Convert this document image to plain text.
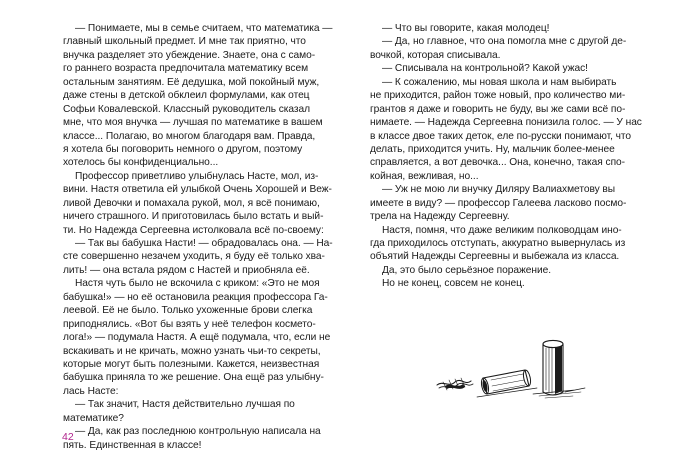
— Понимаете, мы в семье считаем, что математика —
главный школьный предмет. И мне так приятно, что
внучка разделяет это убеждение. Знаете, она с само-
го раннего возраста предпочитала математику всем
остальным занятиям. Её дедушка, мой покойный муж,
даже стены в детской обклеил формулами, как отец
Софьи Ковалевской. Классный руководитель сказал
мне, что моя внучка — лучшая по математике в вашем
классе... Полагаю, во многом благодаря вам. Правда,
я хотела бы поговорить немного о другом, поэтому
хотелось бы конфиденциально...
Профессор приветливо улыбнулась Насте, мол, из-
вини. Настя ответила ей улыбкой Очень Хорошей и Веж-
ливой Девочки и помахала рукой, мол, я всё понимаю,
ничего страшного. И приготовилась было встать и вый-
ти. Но Надежда Сергеевна истолковала всё по-своему:
— Так вы бабушка Насти! — обрадовалась она. — На-
сте совершенно незачем уходить, я буду её только хва-
лить! — она встала рядом с Настей и приобняла её.
Настя чуть было не вскочила с криком: «Это не моя
бабушка!» — но её остановила реакция профессора Га-
леевой. Её не было. Только ухоженные брови слегка
приподнялись. «Вот бы взять у неё телефон космето-
лога!» — подумала Настя. А ещё подумала, что, если не
вскакивать и не кричать, можно узнать чьи-то секреты,
которые могут быть полезными. Кажется, неизвестная
бабушка приняла то же решение. Она ещё раз улыбну-
лась Насте:
— Так значит, Настя действительно лучшая по
математике?
— Да, как раз последнюю контрольную написала на
пять. Единственная в классе!
42
— Что вы говорите, какая молодец!
— Да, но главное, что она помогла мне с другой де-
вочкой, которая списывала.
— Списывала на контрольной? Какой ужас!
— К сожалению, мы новая школа и нам выбирать
не приходится, район тоже новый, про количество ми-
грантов я даже и говорить не буду, вы же сами всё по-
нимаете. — Надежда Сергеевна понизила голос. — У нас
в классе двое таких деток, еле по-русски понимают, что
делать, приходится учить. Ну, мальчик более-менее
справляется, а вот девочка... Она, конечно, такая спо-
койная, вежливая, но...
— Уж не мою ли внучку Диляру Валиахметову вы
имеете в виду? — профессор Галеева ласково посмо-
трела на Надежду Сергеевну.
Настя, помня, что даже великим полководцам ино-
гда приходилось отступать, аккуратно вывернулась из
объятий Надежды Сергеевны и выбежала из класса.
Да, это было серьёзное поражение.
Но не конец, совсем не конец.
